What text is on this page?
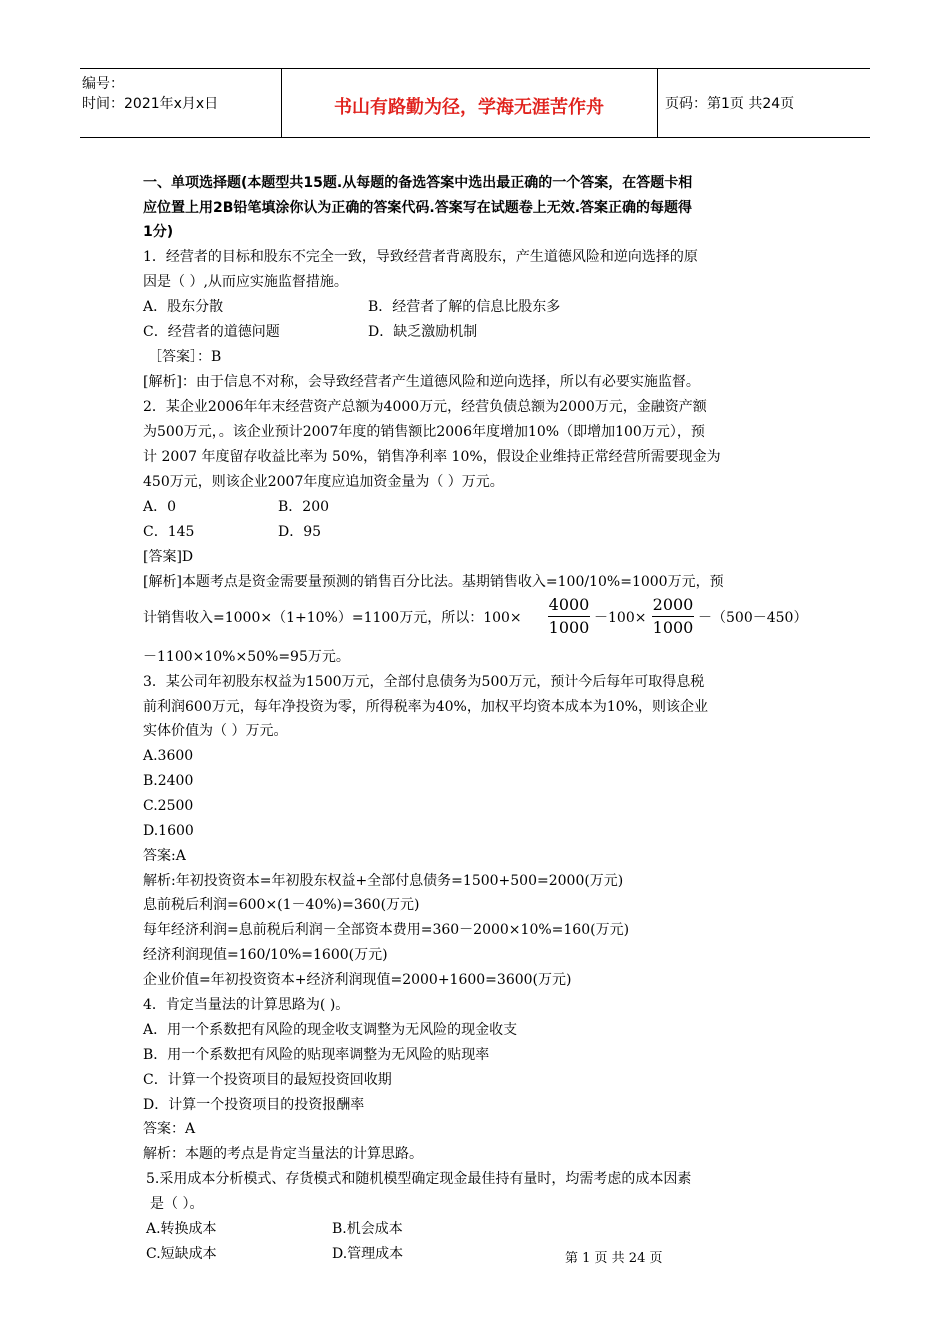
编号：
时间：2021年x月x日	书山有路勤为径，学海无涯苦作舟	页码：第1页 共24页
一、单项选择题(本题型共15题.从每题的备选答案中选出最正确的一个答案，在答题卡相
应位置上用2B铅笔填涂你认为正确的答案代码.答案写在试题卷上无效.答案正确的每题得
1分)
1．经营者的目标和股东不完全一致，导致经营者背离股东，产生道德风险和逆向选择的原
因是（ ）,从而应实施监督措施。
A．股东分散	B．经营者了解的信息比股东多
C．经营者的道德问题	D．缺乏激励机制
［答案］：B
[解析]：由于信息不对称，会导致经营者产生道德风险和逆向选择，所以有必要实施监督。
2．某企业2006年年末经营资产总额为4000万元，经营负债总额为2000万元，金融资产额
为500万元，。该企业预计2007年度的销售额比2006年度增加10%（即增加100万元），预
计 2007 年度留存收益比率为 50%，销售净利率 10%，假设企业维持正常经营所需要现金为
450万元，则该企业2007年度应追加资金量为（ ）万元。
A．0	B．200
C．145	D．95
[答案]D
[解析]本题考点是资金需要量预测的销售百分比法。基期销售收入=100/10%=1000万元，预
计销售收入=1000×（1+10%）=1100万元，所以：100×
4000
1000 －100×
2000
1000 －（500－450）
－1100×10%×50%=95万元。
3．某公司年初股东权益为1500万元，全部付息债务为500万元，预计今后每年可取得息税
前利润600万元，每年净投资为零，所得税率为40%，加权平均资本成本为10%，则该企业
实体价值为（ ）万元。
A.3600
B.2400
C.2500
D.1600
答案:A
解析:年初投资资本=年初股东权益+全部付息债务=1500+500=2000(万元)
息前税后利润=600×(1－40%)=360(万元)
每年经济利润=息前税后利润－全部资本费用=360－2000×10%=160(万元)
经济利润现值=160/10%=1600(万元)
企业价值=年初投资资本+经济利润现值=2000+1600=3600(万元)
4．肯定当量法的计算思路为( )。
A．用一个系数把有风险的现金收支调整为无风险的现金收支
B．用一个系数把有风险的贴现率调整为无风险的贴现率
C．计算一个投资项目的最短投资回收期
D．计算一个投资项目的投资报酬率
答案：A
解析：本题的考点是肯定当量法的计算思路。
5.采用成本分析模式、存货模式和随机模型确定现金最佳持有量时，均需考虑的成本因素
是（ ）。
A.转换成本	B.机会成本
C.短缺成本	D.管理成本	第 1 页 共 24 页
